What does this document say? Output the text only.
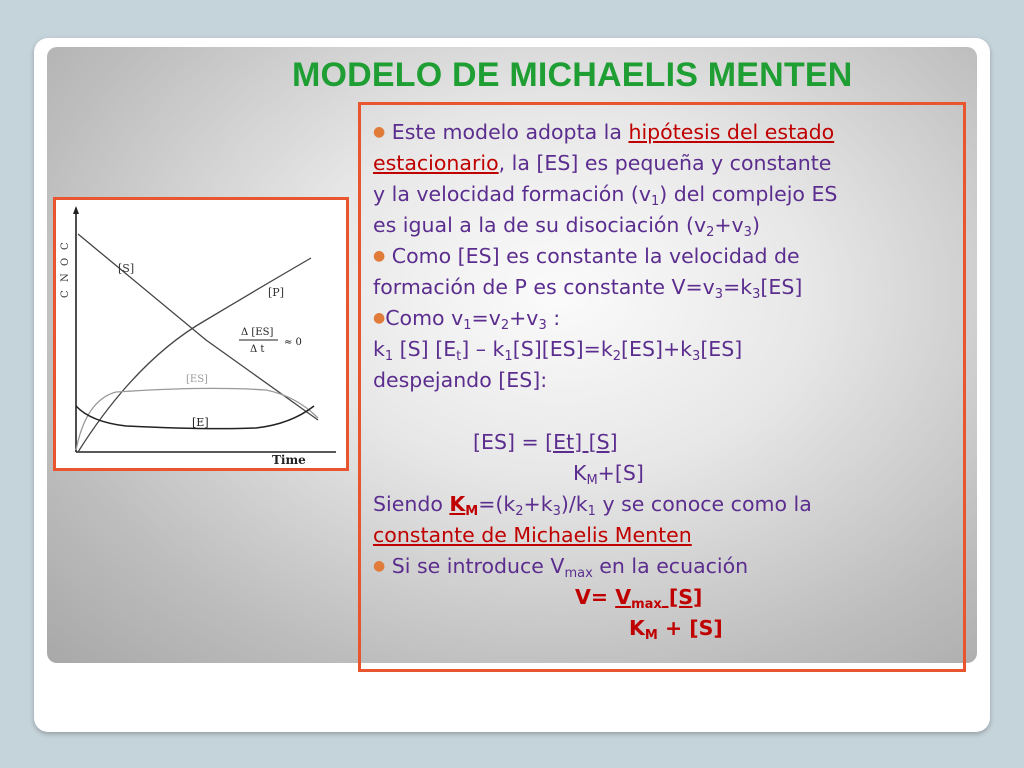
MODELO DE MICHAELIS MENTEN
C
O
N
C
[S]
[P]
[ES]
[E]
Δ [ES]
Δ t
≈ 0
Time
● Este modelo adopta la hipótesis del estado
estacionario, la [ES] es pequeña y constante
y la velocidad formación $(v_1)$ del complejo ES
es igual a la de su disociación $(v_2+v_3)$
● Como [ES] es constante la velocidad de
formación de P es constante $V=v_3=k_3[ES]$
●Como $v_1=v_2+v_3$ :
$k_1$ [S] $[E_t] - k_1[S][ES]=k_2[ES]+k_3[ES]$
despejando [ES]:

[ES] = [Et] [S]
$K_M+[S]$
Siendo $K_M=(k_2+k_3)/k_1$ y se conoce como la
constante de Michaelis Menten
● Si se introduce $V_{max}$ en la ecuación
$V= V_{max}$ [S]
$K_M + [S]$
